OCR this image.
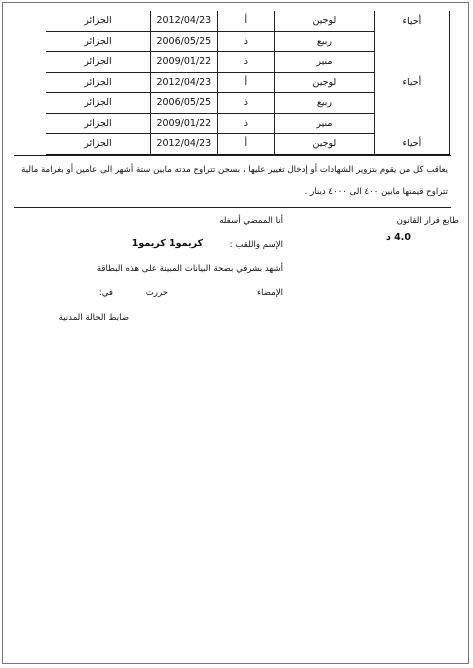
أحياء	لوجين	أ	2012/04/23	الجزائر
	ربيع	ذ	2006/05/25	الجزائر
	منير	ذ	2009/01/22	الجزائر
أحياء	لوجين	أ	2012/04/23	الجزائر
	ربيع	ذ	2006/05/25	الجزائر
	منير	ذ	2009/01/22	الجزائر
أحياء	لوجين	أ	2012/04/23	الجزائر
يعاقب كل من يقوم بتزوير الشهادات أو إدخال تغيير عليها ، بسجن تتراوح مدته مابين ستة أشهر الى عامين أو بغرامة مالية تتراوح قيمتها مابين ٤٠٠ الى ٤٠٠٠ دينار .
أنا الممضي أسفله	طابع قرار القانون
4.0 د
الإسم واللقب :
كريمو1 كريمو1
أشهد بشرفي بصحة البيانات المبينة على هذه البطاقة
الإمضاء
حررت
في:
ضابط الحالة المدنية
